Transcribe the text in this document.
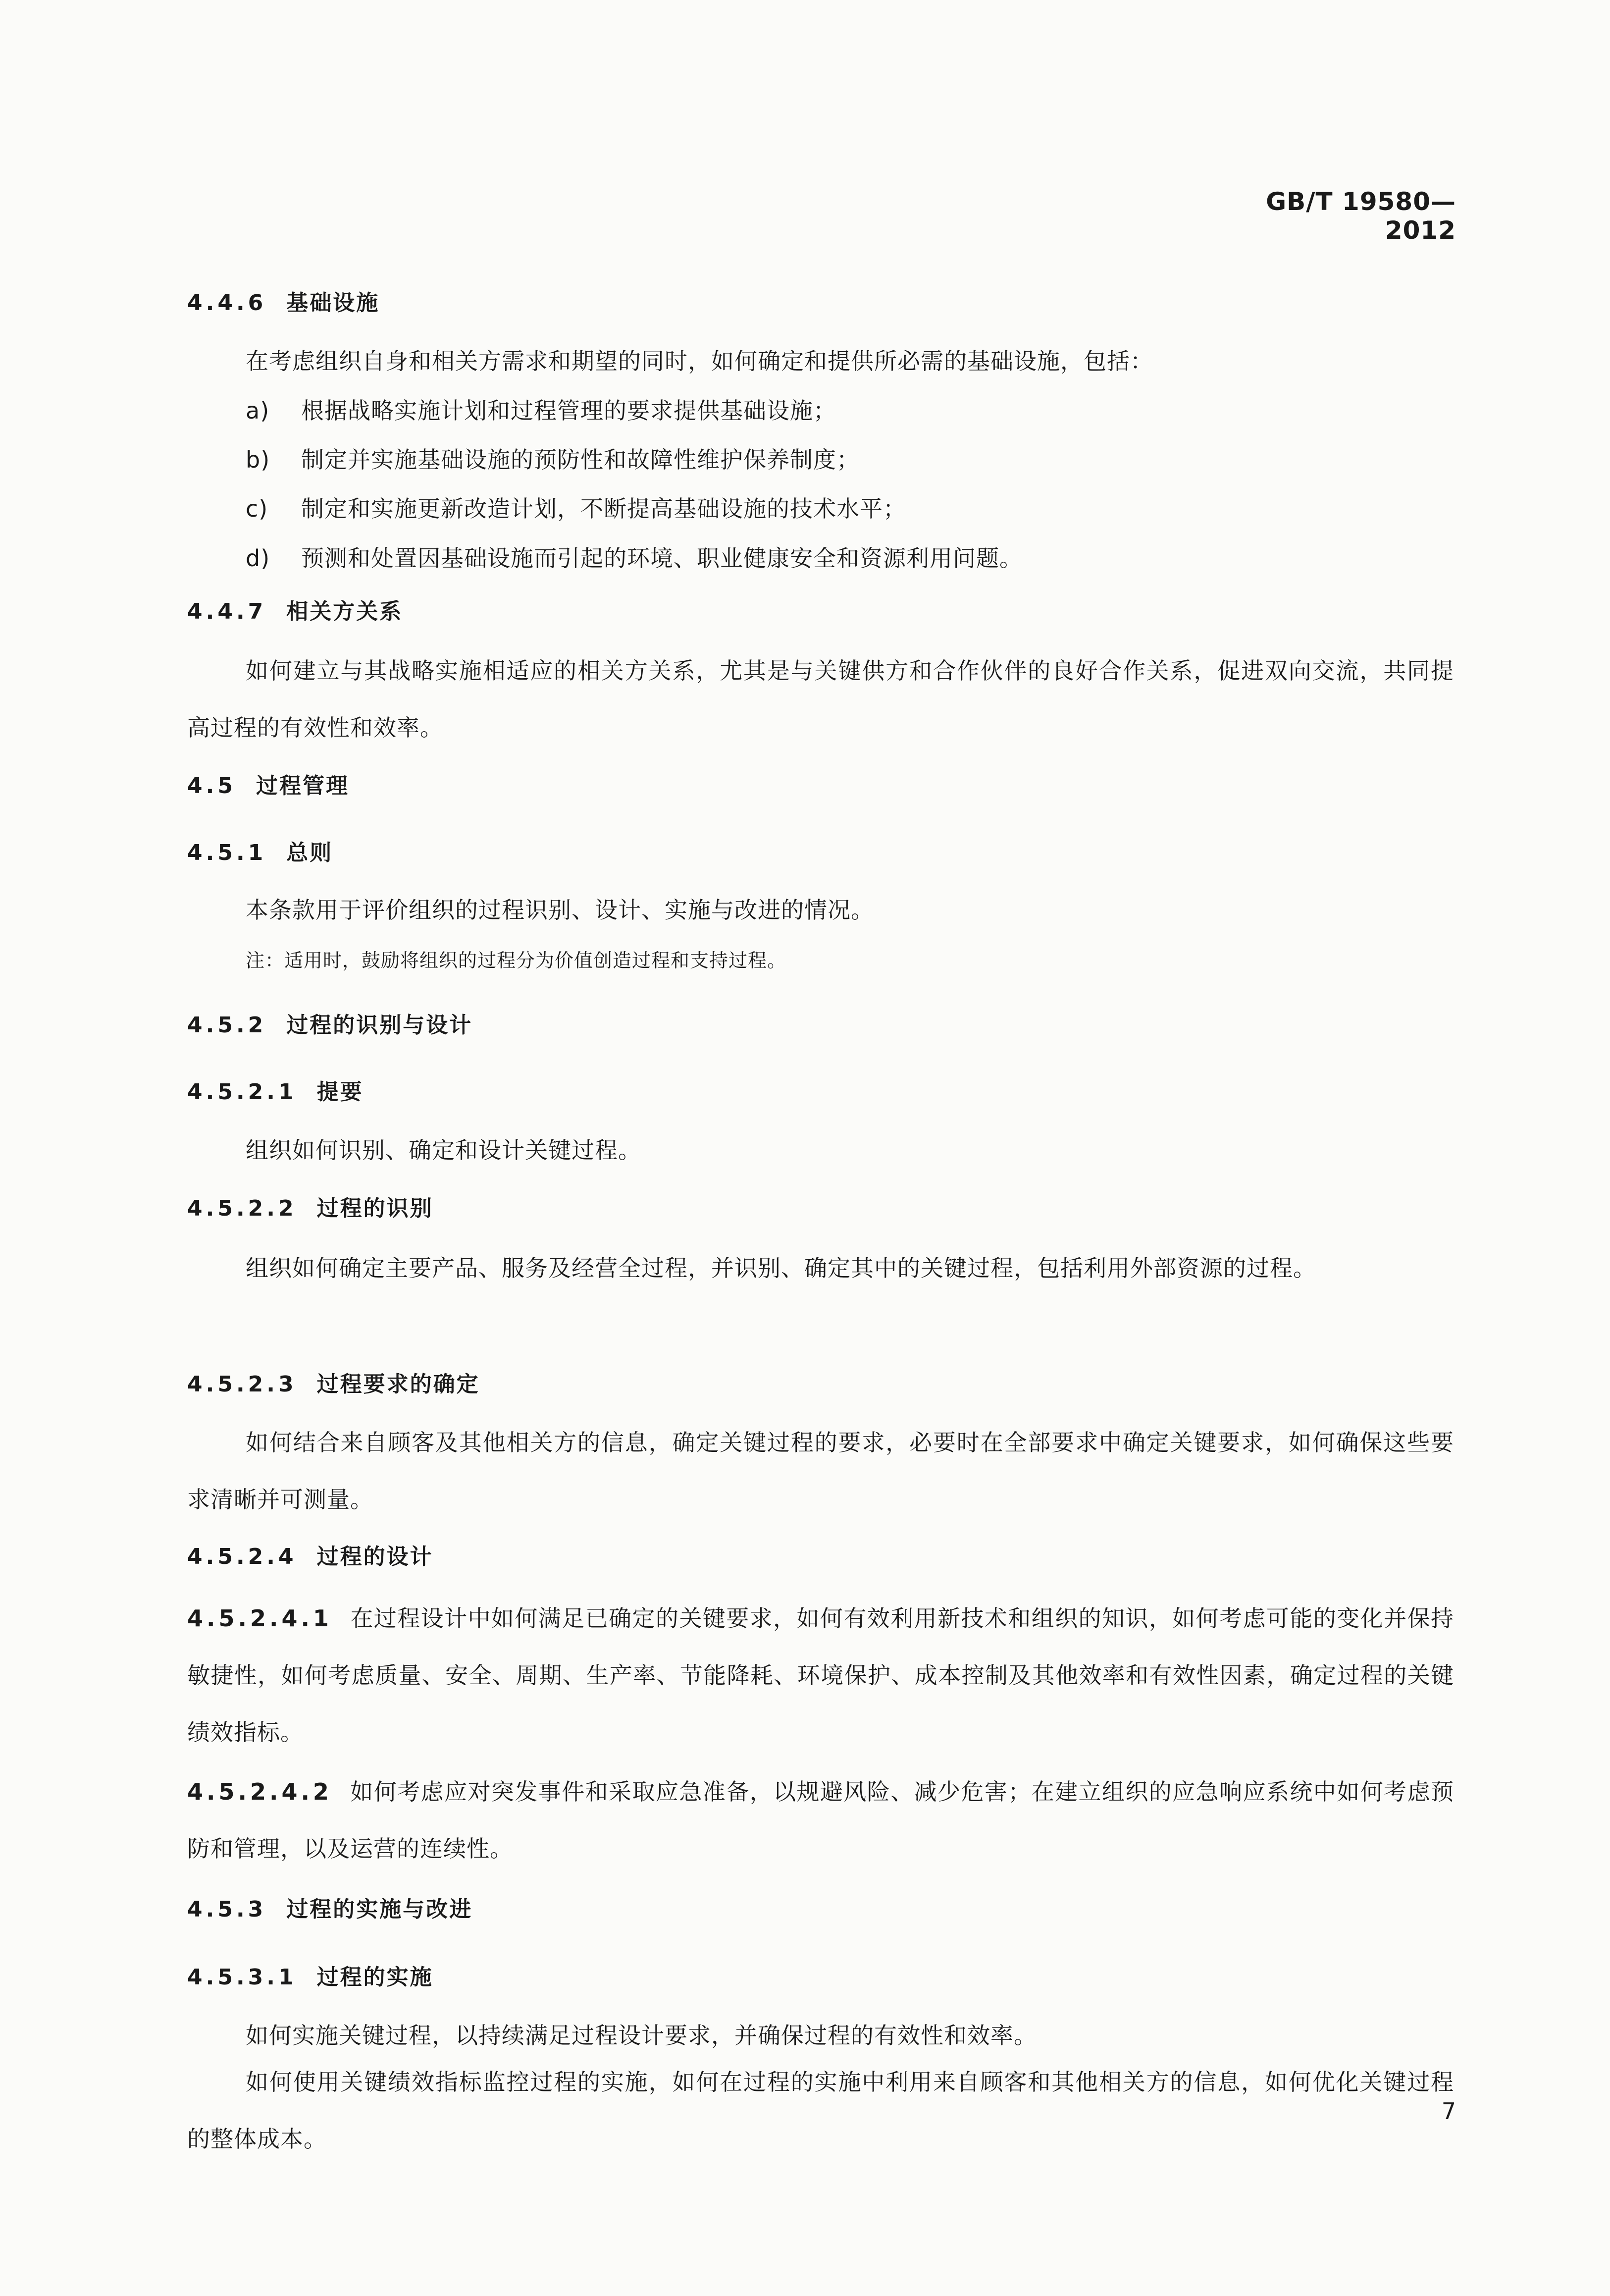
GB/T 19580—2012
4.4.6 基础设施
在考虑组织自身和相关方需求和期望的同时，如何确定和提供所必需的基础设施，包括：
a) 根据战略实施计划和过程管理的要求提供基础设施；
b) 制定并实施基础设施的预防性和故障性维护保养制度；
c) 制定和实施更新改造计划，不断提高基础设施的技术水平；
d) 预测和处置因基础设施而引起的环境、职业健康安全和资源利用问题。
4.4.7 相关方关系
如何建立与其战略实施相适应的相关方关系，尤其是与关键供方和合作伙伴的良好合作关系，促进双向交流，共同提高过程的有效性和效率。
4.5 过程管理
4.5.1 总则
本条款用于评价组织的过程识别、设计、实施与改进的情况。
注：适用时，鼓励将组织的过程分为价值创造过程和支持过程。
4.5.2 过程的识别与设计
4.5.2.1 提要
组织如何识别、确定和设计关键过程。
4.5.2.2 过程的识别
组织如何确定主要产品、服务及经营全过程，并识别、确定其中的关键过程，包括利用外部资源的过程。
4.5.2.3 过程要求的确定
如何结合来自顾客及其他相关方的信息，确定关键过程的要求，必要时在全部要求中确定关键要求，如何确保这些要求清晰并可测量。
4.5.2.4 过程的设计
4.5.2.4.1 在过程设计中如何满足已确定的关键要求，如何有效利用新技术和组织的知识，如何考虑可能的变化并保持敏捷性，如何考虑质量、安全、周期、生产率、节能降耗、环境保护、成本控制及其他效率和有效性因素，确定过程的关键绩效指标。
4.5.2.4.2 如何考虑应对突发事件和采取应急准备，以规避风险、减少危害；在建立组织的应急响应系统中如何考虑预防和管理，以及运营的连续性。
4.5.3 过程的实施与改进
4.5.3.1 过程的实施
如何实施关键过程，以持续满足过程设计要求，并确保过程的有效性和效率。
如何使用关键绩效指标监控过程的实施，如何在过程的实施中利用来自顾客和其他相关方的信息，如何优化关键过程的整体成本。
7
